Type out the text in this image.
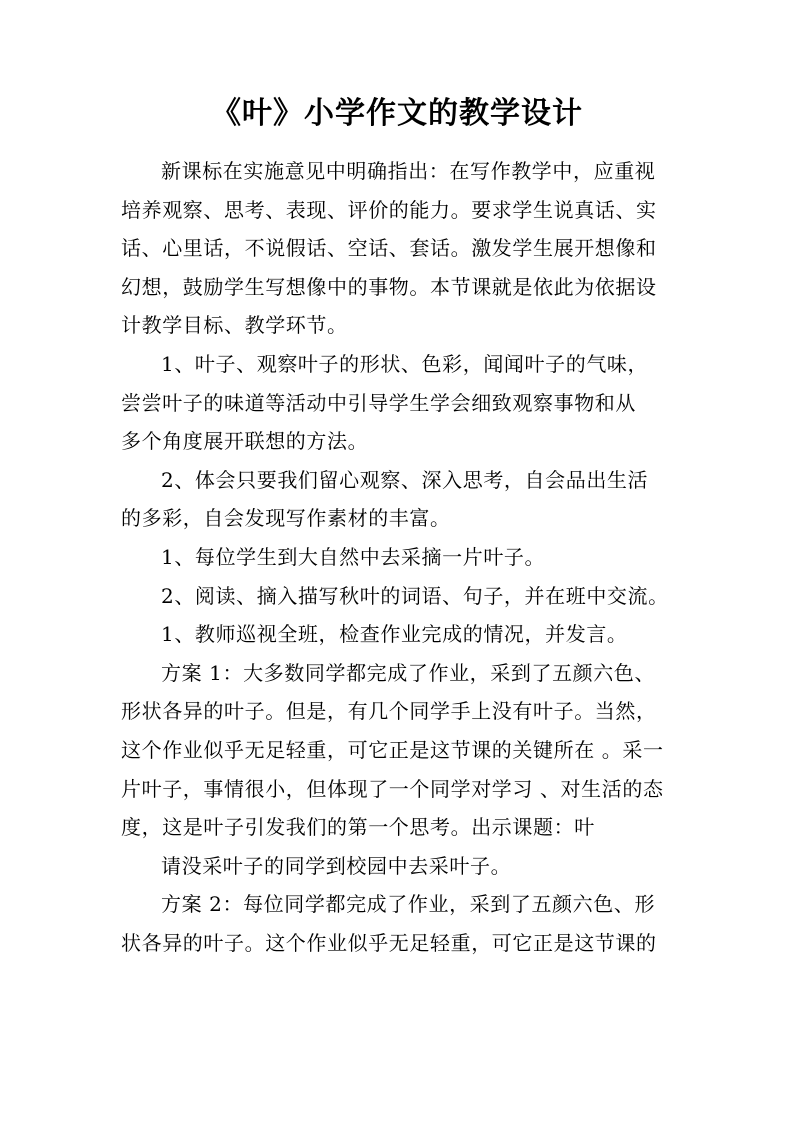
《叶》小学作文的教学设计
新课标在实施意见中明确指出：在写作教学中，应重视
培养观察、思考、表现、评价的能力。要求学生说真话、实
话、心里话，不说假话、空话、套话。激发学生展开想像和
幻想，鼓励学生写想像中的事物。本节课就是依此为依据设
计教学目标、教学环节。
1、叶子、观察叶子的形状、色彩，闻闻叶子的气味，
尝尝叶子的味道等活动中引导学生学会细致观察事物和从
多个角度展开联想的方法。
2、体会只要我们留心观察、深入思考，自会品出生活
的多彩，自会发现写作素材的丰富。
1、每位学生到大自然中去采摘一片叶子。
2、阅读、摘入描写秋叶的词语、句子，并在班中交流。
1、教师巡视全班，检查作业完成的情况，并发言。
方案 1：大多数同学都完成了作业，采到了五颜六色、
形状各异的叶子。但是，有几个同学手上没有叶子。当然，
这个作业似乎无足轻重，可它正是这节课的关键所在 。采一
片叶子，事情很小，但体现了一个同学对学习 、对生活的态
度，这是叶子引发我们的第一个思考。出示课题：叶
请没采叶子的同学到校园中去采叶子。
方案 2：每位同学都完成了作业，采到了五颜六色、形
状各异的叶子。这个作业似乎无足轻重，可它正是这节课的
